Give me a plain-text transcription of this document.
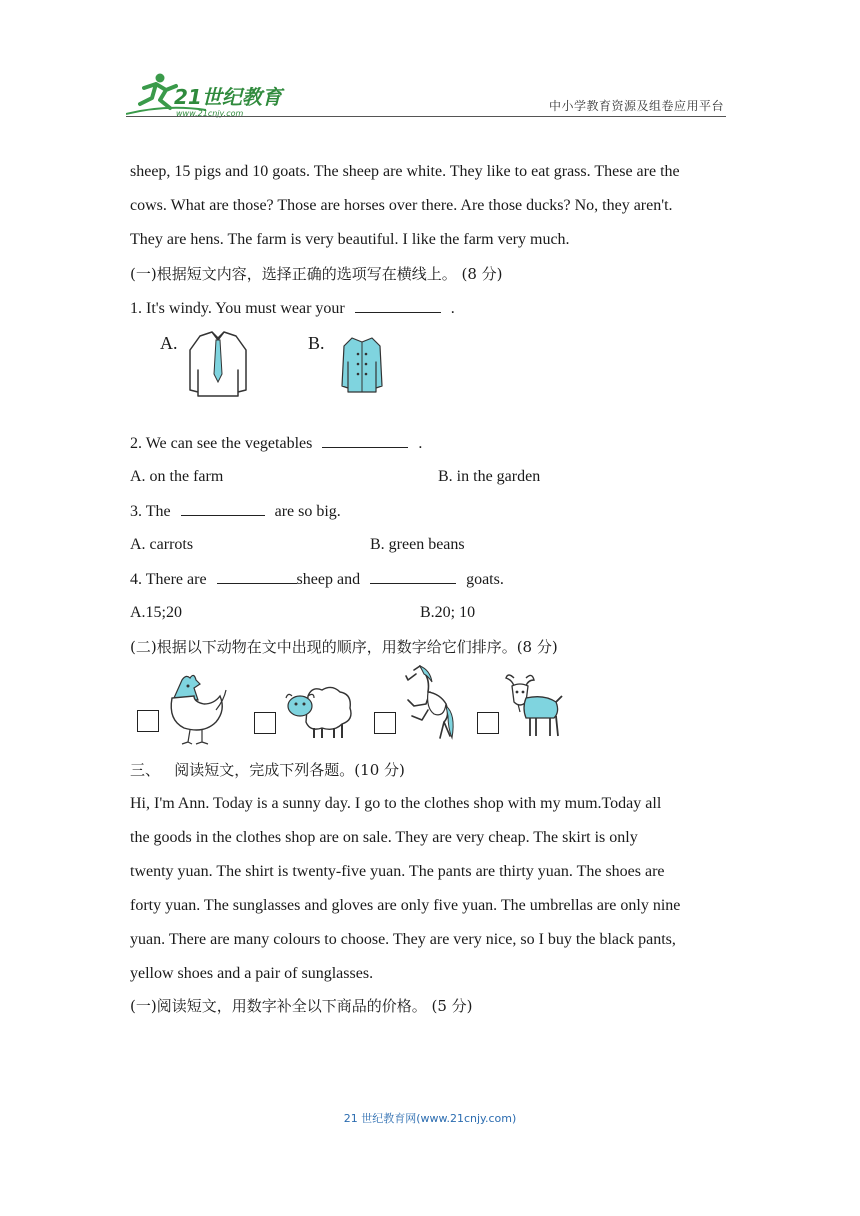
21世纪教育
www.21cnjy.com
中小学教育资源及组卷应用平台
sheep, 15 pigs and 10 goats. The sheep are white. They like to eat grass. These are the
cows. What are those? Those are horses over there. Are those ducks? No, they aren't.
They are hens. The farm is very beautiful. I like the farm very much.
(一)根据短文内容，选择正确的选项写在横线上。 (8 分)
1. It's windy. You must wear your	.
A.	B.
2. We can see the vegetables	.
A. on the farm	B. in the garden
3. The	are so big.
A. carrots	B. green beans
4. There are	sheep and	goats.
A.15;20	B.20; 10
(二)根据以下动物在文中出现的顺序，用数字给它们排序。(8 分)
三、   阅读短文，完成下列各题。(10 分)
Hi, I'm Ann. Today is a sunny day. I go to the clothes shop with my mum.Today all
the goods in the clothes shop are on sale. They are very cheap. The skirt is only
twenty yuan. The shirt is twenty-five yuan. The pants are thirty yuan. The shoes are
forty yuan. The sunglasses and gloves are only five yuan. The umbrellas are only nine
yuan. There are many colours to choose. They are very nice, so I buy the black pants,
yellow shoes and a pair of sunglasses.
(一)阅读短文，用数字补全以下商品的价格。 (5 分)
21 世纪教育网(www.21cnjy.com)
